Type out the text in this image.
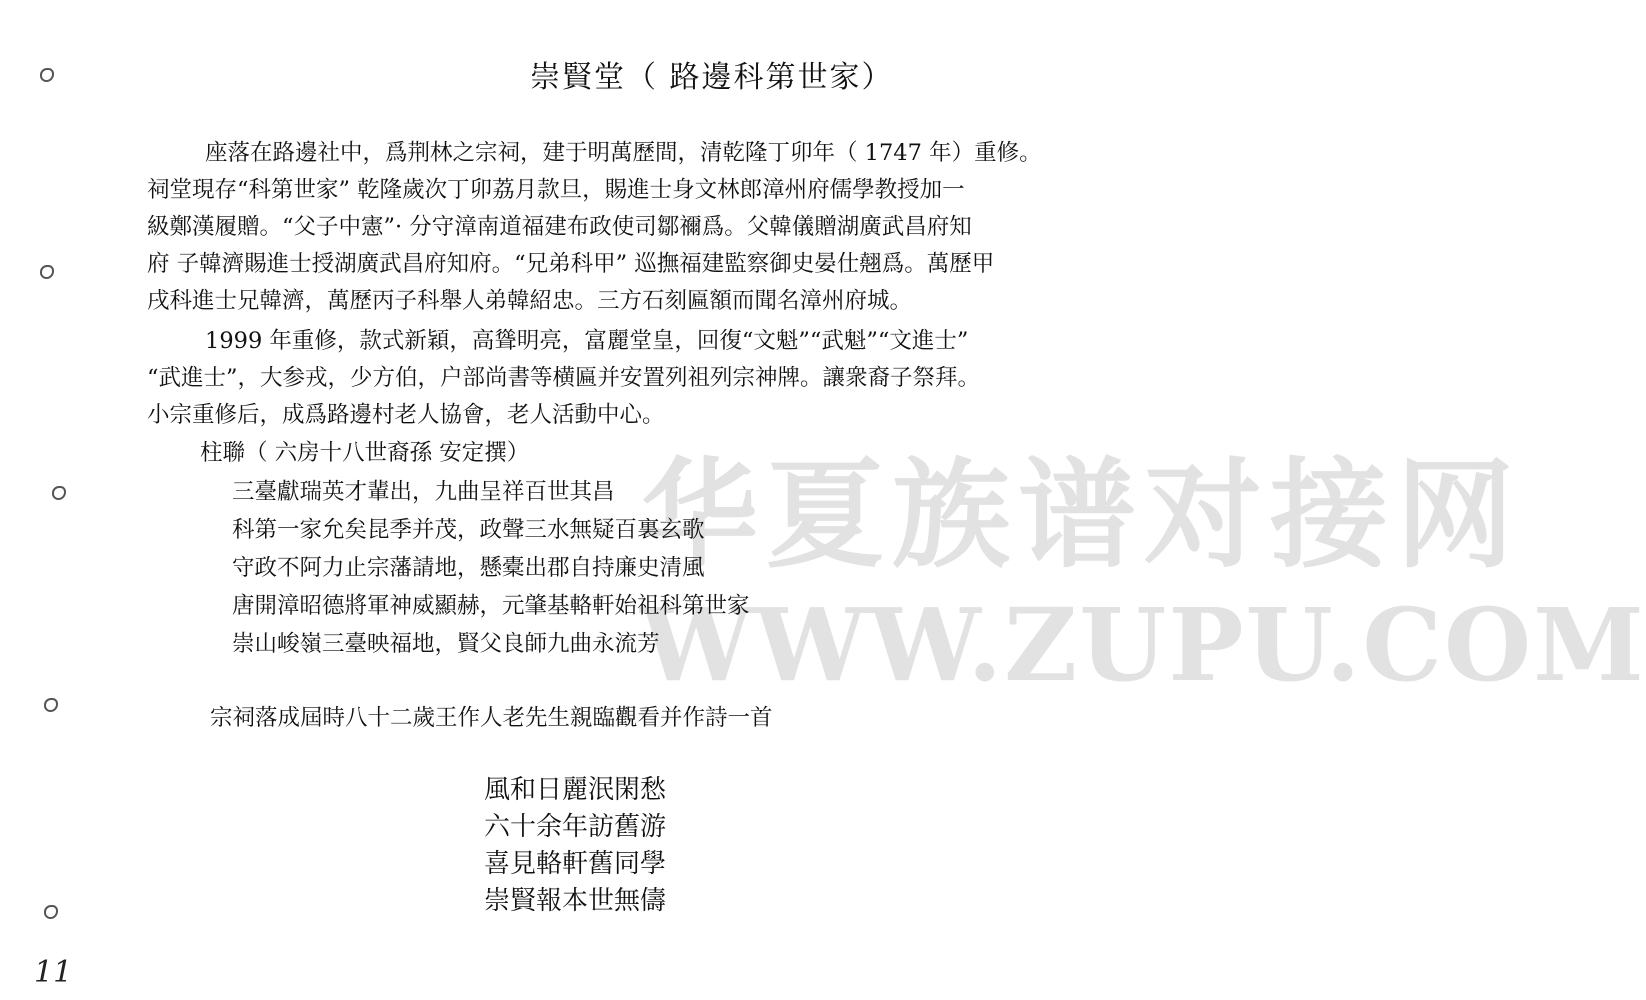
华夏族谱对接网
WWW.ZUPU.COM
崇賢堂（ 路邊科第世家）
座落在路邊社中，爲荆林之宗祠，建于明萬歷間，清乾隆丁卯年（ 1747 年）重修。
祠堂現存“科第世家” 乾隆歲次丁卯荔月款旦，賜進士身文林郎漳州府儒學教授加一
級鄭漢履贈。“父子中憲”· 分守漳南道福建布政使司鄒禰爲。父韓儀贈湖廣武昌府知
府 子韓濟賜進士授湖廣武昌府知府。“兄弟科甲” 巡撫福建監察御史晏仕翹爲。萬歷甲
戌科進士兄韓濟，萬歷丙子科舉人弟韓紹忠。三方石刻匾額而聞名漳州府城。
1999 年重修，款式新穎，高聳明亮，富麗堂皇，回復“文魁”“武魁”“文進士”
“武進士”，大参戎，少方伯，户部尚書等横匾并安置列祖列宗神牌。讓衆裔子祭拜。
小宗重修后，成爲路邊村老人協會，老人活動中心。
柱聯（ 六房十八世裔孫 安定撰）
三臺獻瑞英才輩出，九曲呈祥百世其昌
科第一家允矣昆季并茂，政聲三水無疑百裏玄歌
守政不阿力止宗藩請地，懸橐出郡自持廉史清風
唐開漳昭德將軍神威顯赫，元肇基輅軒始祖科第世家
崇山峻嶺三臺映福地，賢父良師九曲永流芳
宗祠落成屆時八十二歲王作人老先生親臨觀看并作詩一首
風和日麗泯閑愁
六十余年訪舊游
喜見輅軒舊同學
崇賢報本世無儔
11
